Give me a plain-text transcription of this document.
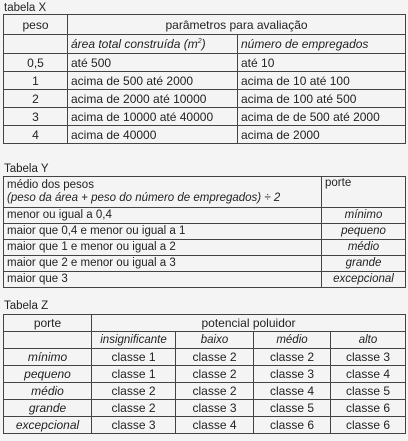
tabela X
peso	parâmetros para avaliação	
	área total construída $(m^2)$	número de empregados
0,5	até 500	até 10
1	acima de 500 até 2000	acima de 10 até 100
2	acima de 2000 até 10000	acima de 100 até 500
3	acima de 10000 até 40000	acima de de 500 até 2000
4	acima de 40000	acima de 2000
Tabela Y
médio dos pesos
(peso da área + peso do número de empregados) ÷ 2	porte
menor ou igual a 0,4	mínimo
maior que 0,4 e menor ou igual a 1	pequeno
maior que 1 e menor ou igual a 2	médio
maior que 2 e menor ou igual a 3	grande
maior que 3	excepcional
Tabela Z
porte	potencial poluidor			
	insignificante	baixo	médio	alto
mínimo	classe 1	classe 2	classe 2	classe 3
pequeno	classe 1	classe 2	classe 3	classe 4
médio	classe 2	classe 2	classe 4	classe 5
grande	classe 2	classe 3	classe 5	classe 6
excepcional	classe 3	classe 4	classe 6	classe 6
